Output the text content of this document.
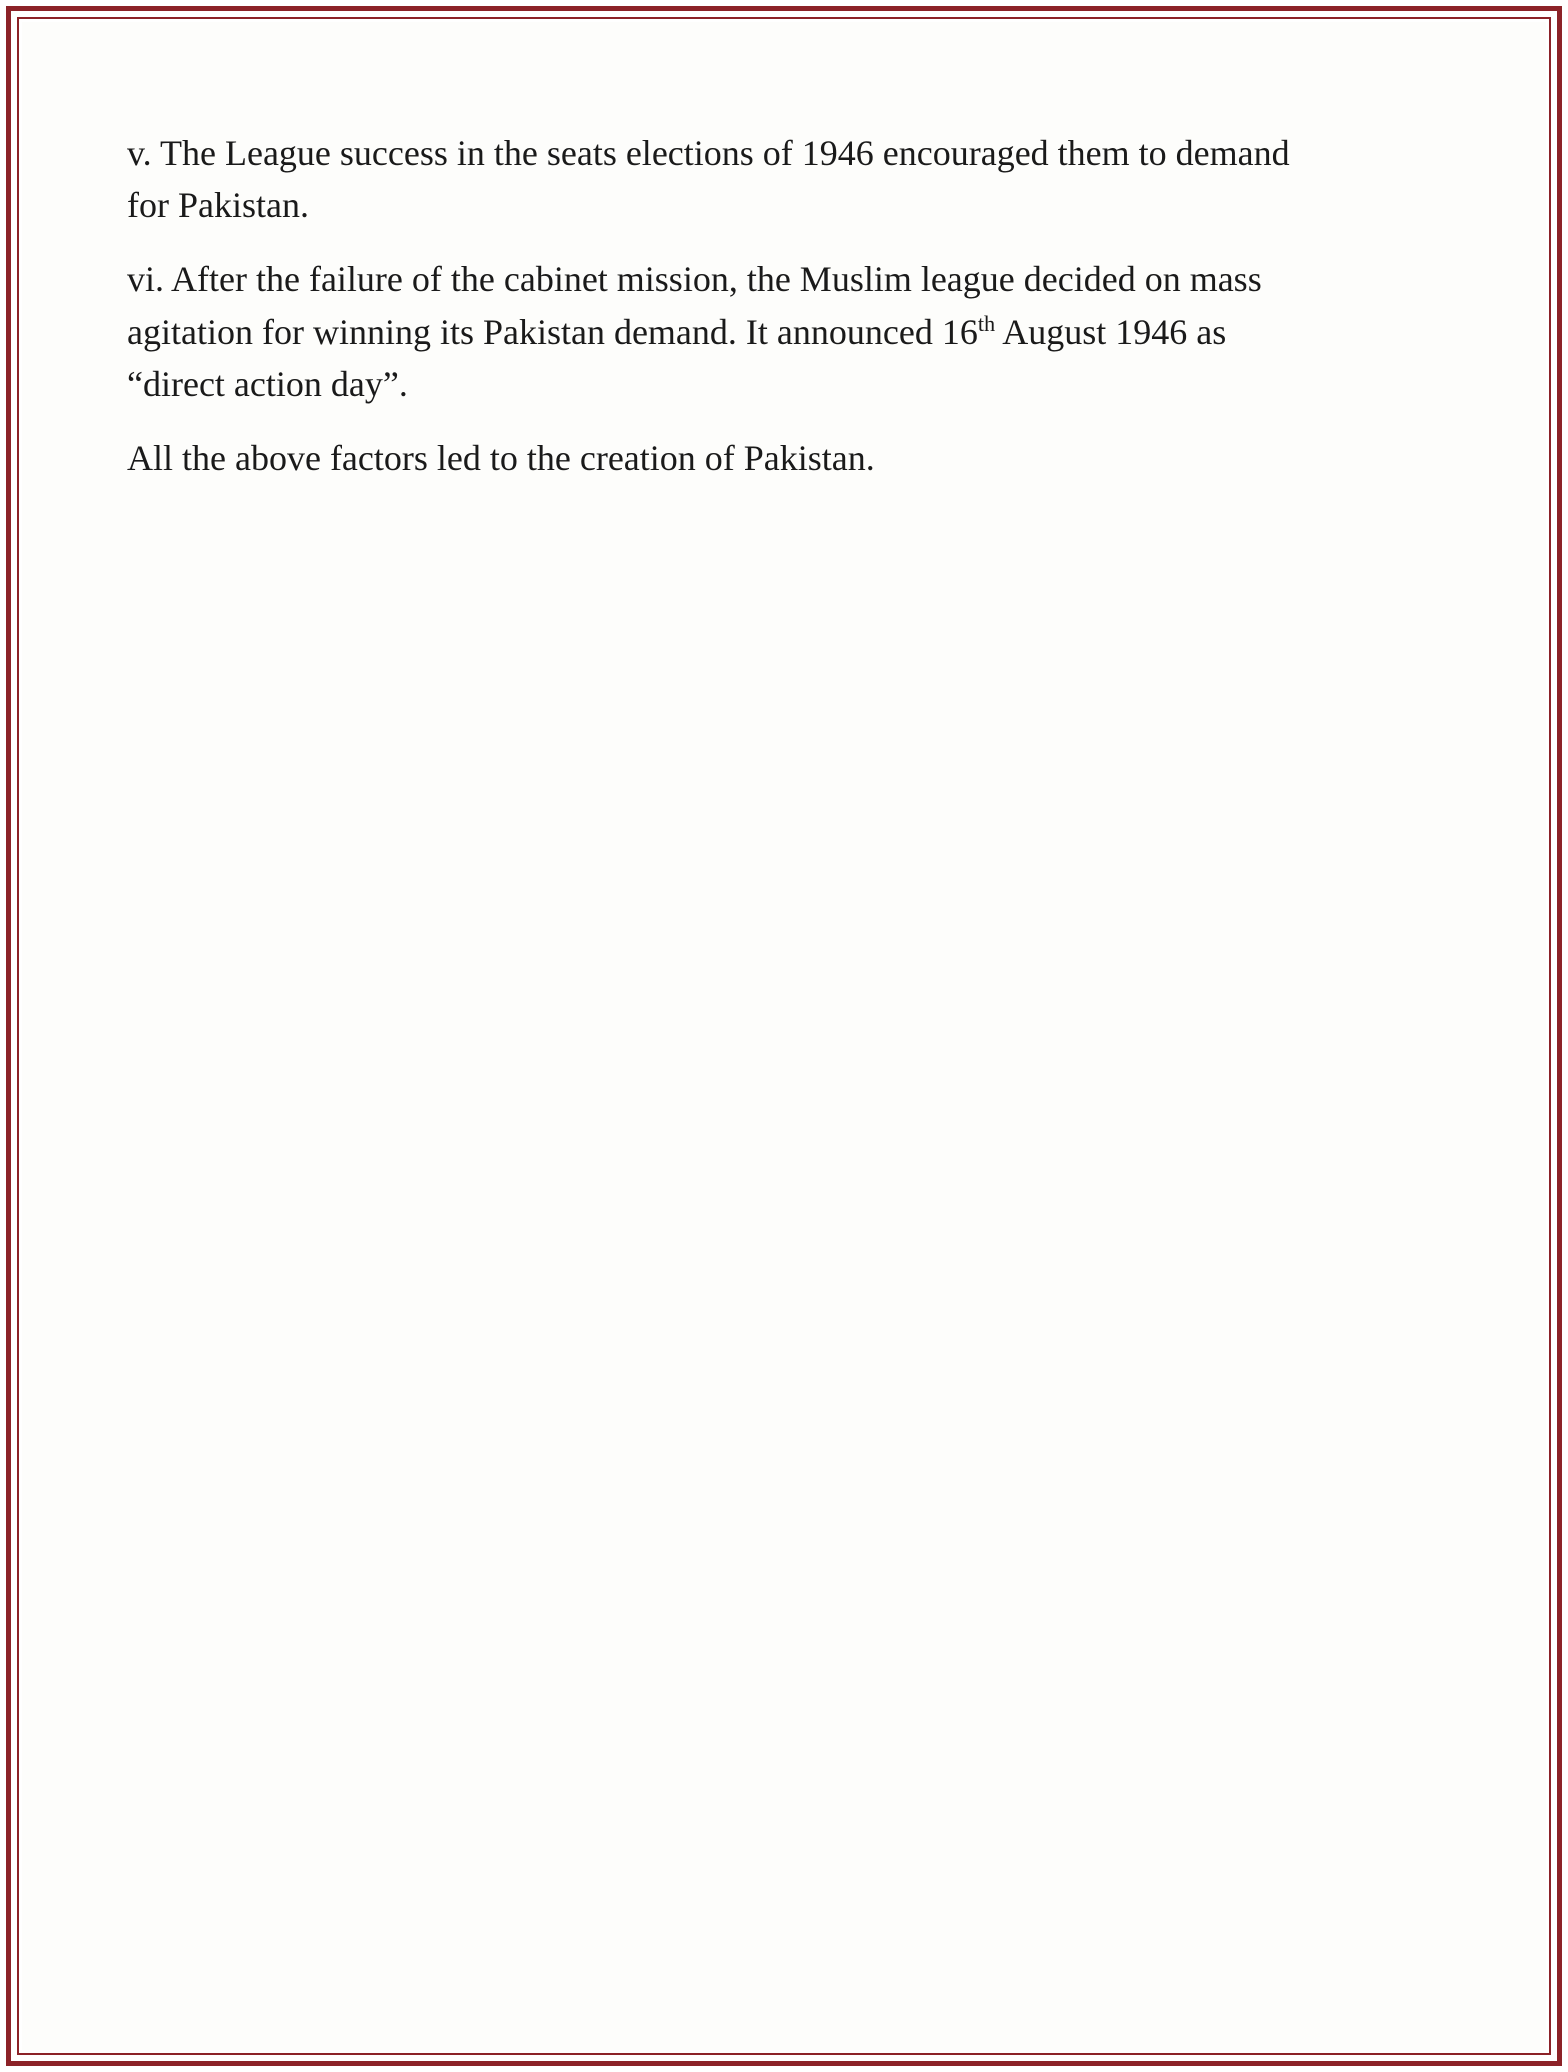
v. The League success in the seats elections of 1946 encouraged them to demand for Pakistan.

vi. After the failure of the cabinet mission, the Muslim league decided on mass agitation for winning its Pakistan demand. It announced 16th August 1946 as “direct action day”.

All the above factors led to the creation of Pakistan.
